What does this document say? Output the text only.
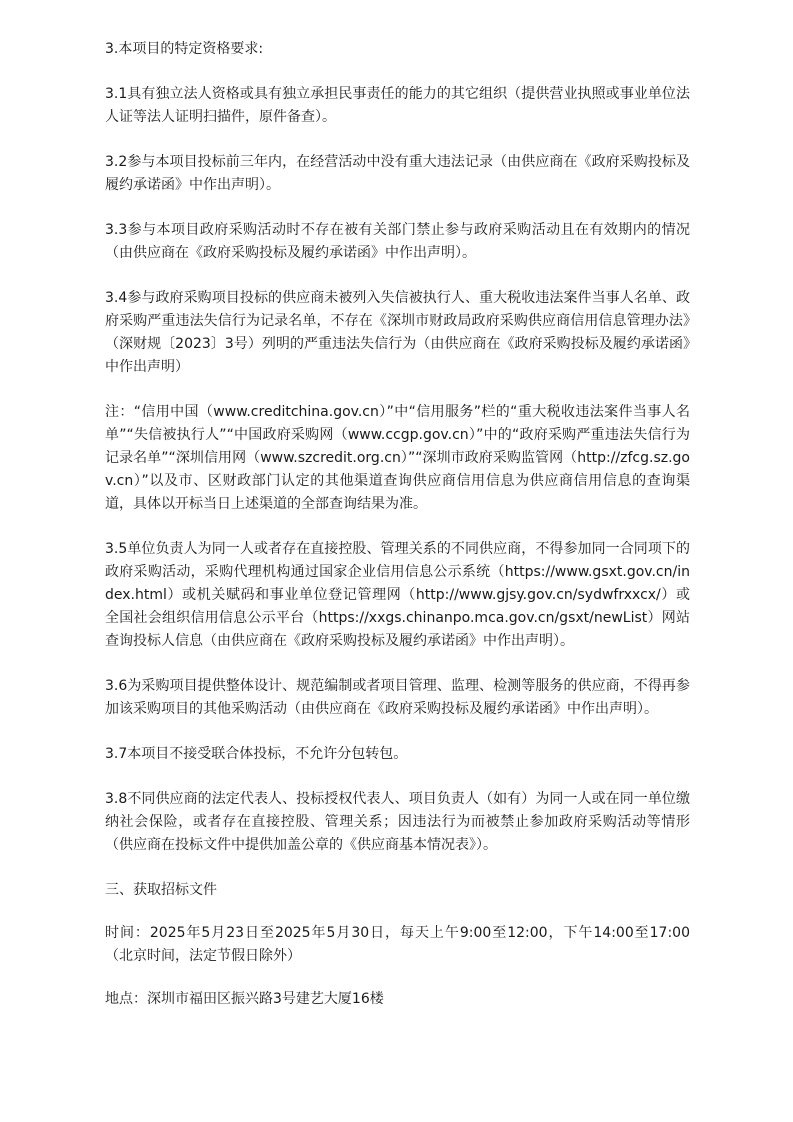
3.本项目的特定资格要求:

3.1具有独立法人资格或具有独立承担民事责任的能力的其它组织（提供营业执照或事业单位法人证等法人证明扫描件，原件备查）。

3.2参与本项目投标前三年内，在经营活动中没有重大违法记录（由供应商在《政府采购投标及履约承诺函》中作出声明）。

3.3参与本项目政府采购活动时不存在被有关部门禁止参与政府采购活动且在有效期内的情况（由供应商在《政府采购投标及履约承诺函》中作出声明）。

3.4参与政府采购项目投标的供应商未被列入失信被执行人、重大税收违法案件当事人名单、政府采购严重违法失信行为记录名单，不存在《深圳市财政局政府采购供应商信用信息管理办法》（深财规〔2023〕3号）列明的严重违法失信行为（由供应商在《政府采购投标及履约承诺函》中作出声明）

注：“信用中国（www.creditchina.gov.cn）”中“信用服务”栏的“重大税收违法案件当事人名单”“失信被执行人”“中国政府采购网（www.ccgp.gov.cn）”中的“政府采购严重违法失信行为记录名单”“深圳信用网（www.szcredit.org.cn）”“深圳市政府采购监管网（http://zfcg.sz.gov.cn）”以及市、区财政部门认定的其他渠道查询供应商信用信息为供应商信用信息的查询渠道，具体以开标当日上述渠道的全部查询结果为准。

3.5单位负责人为同一人或者存在直接控股、管理关系的不同供应商，不得参加同一合同项下的政府采购活动，采购代理机构通过国家企业信用信息公示系统（https://www.gsxt.gov.cn/index.html）或机关赋码和事业单位登记管理网（http://www.gjsy.gov.cn/sydwfrxxcx/）或全国社会组织信用信息公示平台（https://xxgs.chinanpo.mca.gov.cn/gsxt/newList）网站查询投标人信息（由供应商在《政府采购投标及履约承诺函》中作出声明）。

3.6为采购项目提供整体设计、规范编制或者项目管理、监理、检测等服务的供应商，不得再参加该采购项目的其他采购活动（由供应商在《政府采购投标及履约承诺函》中作出声明）。

3.7本项目不接受联合体投标，不允许分包转包。

3.8不同供应商的法定代表人、投标授权代表人、项目负责人（如有）为同一人或在同一单位缴纳社会保险，或者存在直接控股、管理关系；因违法行为而被禁止参加政府采购活动等情形（供应商在投标文件中提供加盖公章的《供应商基本情况表》）。

三、获取招标文件

时间：2025年5月23日至2025年5月30日，每天上午9:00至12:00，下午14:00至17:00（北京时间，法定节假日除外）

地点：深圳市福田区振兴路3号建艺大厦16楼
